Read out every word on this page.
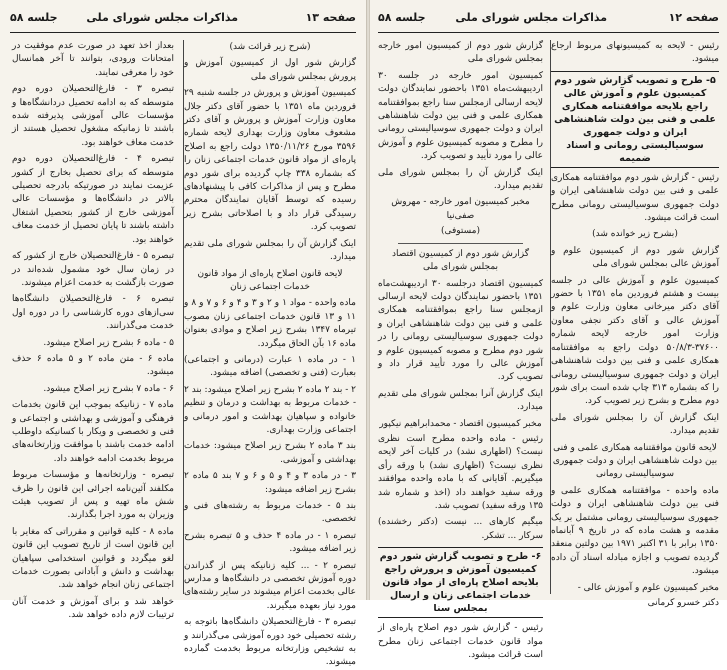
صفحه ۱۳
مذاکرات مجلس شورای ملی
جلسه ۵۸
(شرح زیر قرائت شد)
گزارش شور اول از کمیسیون آموزش و پرورش بمجلس شورای ملی
کمیسیون آموزش و پرورش در جلسه شنبه ۲۹ فروردین ماه ۱۳۵۱ با حضور آقای دکتر جلال معاون وزارت آموزش و پرورش و آقای دکتر مشعوف معاون وزارت بهداری لایحه شماره ۳۵۹۶ مورخ ۱۳۵۰/۱۱/۲۶ دولت راجع به اصلاح پاره‌ای از مواد قانون خدمات اجتماعی زنان را که بشماره ۳۳۸ چاپ گردیده برای شور دوم مطرح و پس از مذاکرات کافی با پیشنهادهای رسیده که توسط آقایان نمایندگان محترم رسیدگی قرار داد و با اصلاحاتی بشرح زیر تصویب کرد.
اینک گزارش آن را بمجلس شورای ملی تقدیم میدارد.
لایحه قانون اصلاح پاره‌ای از مواد قانون خدمات اجتماعی زنان
ماده واحده - مواد ۱ و ۲ و ۳ و ۴ و ۶ و ۷ و ۸ و ۱۱ و ۱۳ قانون خدمات اجتماعی زنان مصوب تیرماه ۱۳۴۷ بشرح زیر اصلاح و موادی بعنوان ماده ۱۶ بآن الحاق میگردد.
۱ - در ماده ۱ عبارت (درمانی و اجتماعی) بعبارت (فنی و تخصصی) اضافه میشود.
۲ - بند ۲ ماده ۲ بشرح زیر اصلاح میشود: بند ۲ - خدمات مربوط به بهداشت و درمان و تنظیم خانواده و سپاهیان بهداشت و امور درمانی و اجتماعی وزارت بهداری.
بند ۳ ماده ۲ بشرح زیر اصلاح میشود: خدمات بهداشتی و آموزشی.
۳ - در ماده ۳ و ۴ و ۵ و ۶ و ۷ بند ۵ ماده ۲ بشرح زیر اضافه میشود:
بند ۵ - خدمات مربوط به رشته‌های فنی و تخصصی.
تبصره ۱ - در ماده ۴ حذف و ۵ تبصره بشرح زیر اضافه میشود.
تبصره ۲ - ... کلیه زنانیکه پس از گذراندن دوره آموزش تخصصی در دانشگاه‌ها و مدارس عالی بخدمت اعزام میشوند در سایر رشته‌های مورد نیاز بعهده میگیرند.
تبصره ۳ - فارغ‌التحصیلان دانشگاه‌ها باتوجه به رشته تحصیلی خود دوره آموزشی می‌گذرانند و به تشخیص وزارتخانه مربوط بخدمت گمارده میشوند.
بعداز اخذ تعهد در صورت عدم موفقیت در امتحانات ورودی، بتوانند تا آخر همانسال خود را معرفی نمایند.
تبصره ۳ - فارغ‌التحصیلان دوره دوم متوسطه که به ادامه تحصیل دردانشگاه‌ها و مؤسسات عالی آموزشی پذیرفته شده باشند تا زمانیکه مشغول تحصیل هستند از خدمت معاف خواهند بود.
تبصره ۴ - فارغ‌التحصیلان دوره دوم متوسطه که برای تحصیل بخارج از کشور عزیمت نمایند در صورتیکه بادرجه تحصیلی بالاتر در دانشگاه‌ها و مؤسسات عالی آموزشی خارج از کشور بتحصیل اشتغال داشته باشند تا پایان تحصیل از خدمت معاف خواهند بود.
تبصره ۵ - فارغ‌التحصیلان خارج از کشور که در زمان سال خود مشمول شده‌اند در صورت بازگشت به خدمت اعزام میشوند.
تبصره ۶ - فارغ‌التحصیلان دانشگاه‌ها سی‌ازهای دوره کارشناسی را در دوره اول خدمت می‌گذرانند.
۵ - ماده ۶ بشرح زیر اصلاح میشود.
ماده ۶ - متن ماده ۲ و ۵ ماده ۶ حذف میشود.
۶ - ماده ۷ بشرح زیر اصلاح میشود.
ماده ۷ - زنانیکه بموجب این قانون بخدمات فرهنگی و آموزشی و بهداشتی و اجتماعی و فنی و تخصصی و ویکار با کسانیکه داوطلب ادامه خدمت باشند با موافقت وزارتخانه‌های مربوط بخدمت ادامه خواهند داد.
تبصره - وزارتخانه‌ها و مؤسسات مربوط مکلفند آئین‌نامه اجرائی این قانون را ظرف شش ماه تهیه و پس از تصویب هیئت وزیران به مورد اجرا بگذارند.
ماده ۸ - کلیه قوانین و مقرراتی که مغایر با این قانون است از تاریخ تصویب این قانون لغو میگردد و قوانین استخدامی سپاهیان بهداشت و دانش و آبادانی بصورت خدمات اجتماعی زنان انجام خواهد شد.
خواهد شد و برای آموزش و خدمت آنان ترتیبات لازم داده خواهد شد.
صفحه ۱۲
مذاکرات مجلس شورای ملی
جلسه ۵۸
رئیس - لایحه به کمیسیونهای مربوط ارجاع میشود.
۵- طرح و تصویب گزارش شور دوم کمیسیون علوم و آموزش عالی راجع بلایحه موافقتنامه همکاری علمی و فنی بین دولت شاهنشاهی ایران و دولت جمهوری سوسیالیستی رومانی و اسناد ضمیمه
رئیس - گزارش شور دوم موافقتنامه همکاری علمی و فنی بین دولت شاهنشاهی ایران و دولت جمهوری سوسیالیستی رومانی مطرح است قرائت میشود.
(بشرح زیر خوانده شد)
گزارش شور دوم از کمیسیون علوم و آموزش عالی بمجلس شورای ملی
کمیسیون علوم و آموزش عالی در جلسه بیست و هشتم فروردین ماه ۱۳۵۱ با حضور آقای دکتر میرخانی معاون وزارت علوم و آموزش عالی و آقای دکتر نجفی معاون وزارت امور خارجه لایحه شماره ۳۷۶۰۰-۵۰/۸/۳ دولت راجع به موافقتنامه همکاری علمی و فنی بین دولت شاهنشاهی ایران و دولت جمهوری سوسیالیستی رومانی را که بشماره ۳۱۳ چاپ شده است برای شور دوم مطرح و بشرح زیر تصویب کرد.
اینک گزارش آن را بمجلس شورای ملی تقدیم میدارد.
لایحه قانون موافقتنامه همکاری علمی و فنی بین دولت شاهنشاهی ایران و دولت جمهوری سوسیالیستی رومانی
ماده واحده - موافقتنامه همکاری علمی و فنی بین دولت شاهنشاهی ایران و دولت جمهوری سوسیالیستی رومانی مشتمل بر یک مقدمه و هشت ماده که در تاریخ ۹ آبانماه ۱۳۵۰ برابر با ۳۱ اکتبر ۱۹۷۱ بین دولتین منعقد گردیده تصویب و اجازه مبادله اسناد آن داده میشود.
مخبر کمیسیون علوم و آموزش عالی -
دکتر خسرو کرمانی
گزارش شور دوم از کمیسیون امور خارجه بمجلس شورای ملی
کمیسیون امور خارجه در جلسه ۳۰ اردیبهشت‌ماه ۱۳۵۱ باحضور نمایندگان دولت لایحه ارسالی ازمجلس سنا راجع بموافقتنامه همکاری علمی و فنی بین دولت شاهنشاهی ایران و دولت جمهوری سوسیالیستی رومانی را مطرح و مصوبه کمیسیون علوم و آموزش عالی را مورد تأیید و تصویب کرد.
اینک گزارش آن را بمجلس شورای ملی تقدیم میدارد.
مخبر کمیسیون امور خارجه - مهروش صفی‌نیا
(مستوفی)
گزارش شور دوم از کمیسیون اقتصاد بمجلس شورای ملی
کمیسیون اقتصاد درجلسه ۳۰ اردیبهشت‌ماه ۱۳۵۱ باحضور نمایندگان دولت لایحه ارسالی ازمجلس سنا راجع بموافقتنامه همکاری علمی و فنی بین دولت شاهنشاهی ایران و دولت جمهوری سوسیالیستی رومانی را در شور دوم مطرح و مصوبه کمیسیون علوم و آموزش عالی را مورد تأیید قرار داد و تصویب کرد.
اینک گزارش آنرا بمجلس شورای ملی تقدیم میدارد.
مخبر کمیسیون اقتصاد - محمدابراهیم نیکپور
رئیس - ماده واحده مطرح است نظری نیست؟ (اظهاری نشد) در کلیات آخر لایحه نظری نیست؟ (اظهاری نشد) با ورقه رأی میگیریم. آقایانی که با ماده واحده موافقند ورقه سفید خواهند داد (اخذ و شماره شد ۱۳۵ ورقه سفید) تصویب شد.
میگیم کارهای ... نیست (دکتر رخشنده) سرکار ... تشکر.
۶- طرح و تصویب گزارش شور دوم کمیسیون آموزش و پرورش راجع بلایحه اصلاح پاره‌ای از مواد قانون خدمات اجتماعی زنان و ارسال بمجلس سنا
رئیس - گزارش شور دوم اصلاح پاره‌ای از مواد قانون خدمات اجتماعی زنان مطرح است قرائت میشود.
